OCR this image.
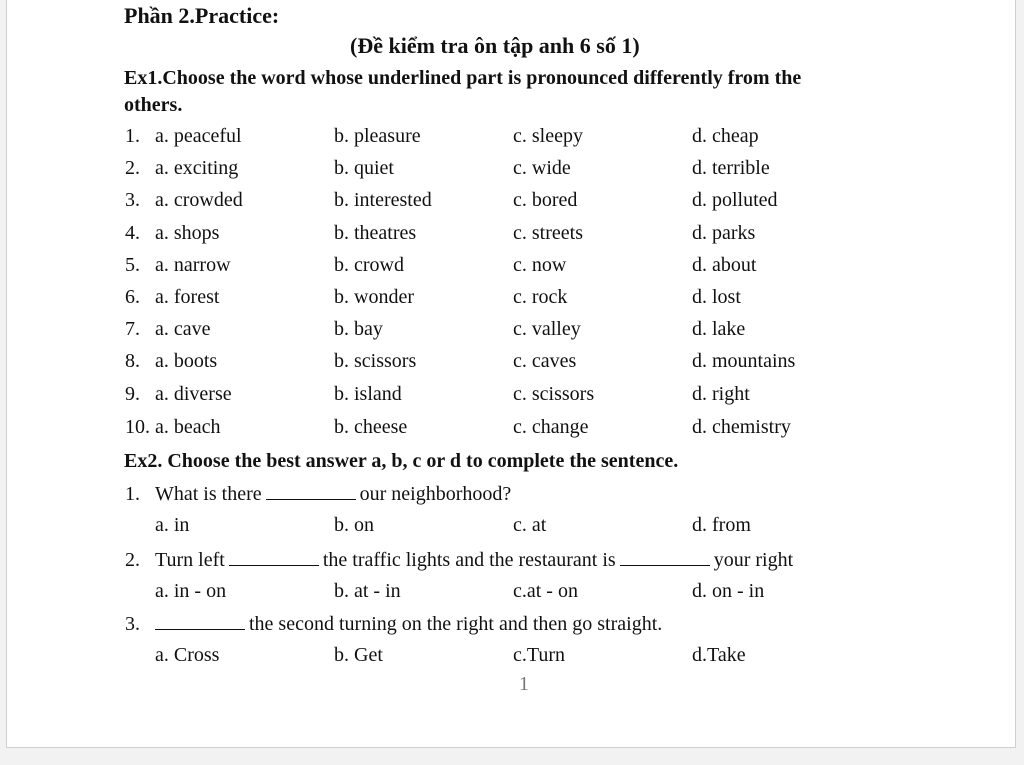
Phần 2.Practice:
(Đề kiểm tra ôn tập anh 6 số 1)
Ex1.Choose the word whose underlined part is pronounced differently from the
others.
1. a. peaceful	b. pleasure	c. sleepy	d. cheap
2. a. exciting	b. quiet	c. wide	d. terrible
3. a. crowded	b. interested	c. bored	d. polluted
4. a. shops	b. theatres	c. streets	d. parks
5. a. narrow	b. crowd	c. now	d. about
6. a. forest	b. wonder	c. rock	d. lost
7. a. cave	b. bay	c. valley	d. lake
8. a. boots	b. scissors	c. caves	d. mountains
9. a. diverse	b. island	c. scissors	d. right
10. a. beach	b. cheese	c. change	d. chemistry
Ex2. Choose the best answer a, b, c or d to complete the sentence.
1. What is there	our neighborhood?
a. in	b. on	c. at	d. from
2. Turn left	the traffic lights and the restaurant is	your right
a. in - on	b. at - in	c.at - on	d. on - in
3.	the second turning on the right and then go straight.
a. Cross	b. Get	c.Turn	d.Take
1
